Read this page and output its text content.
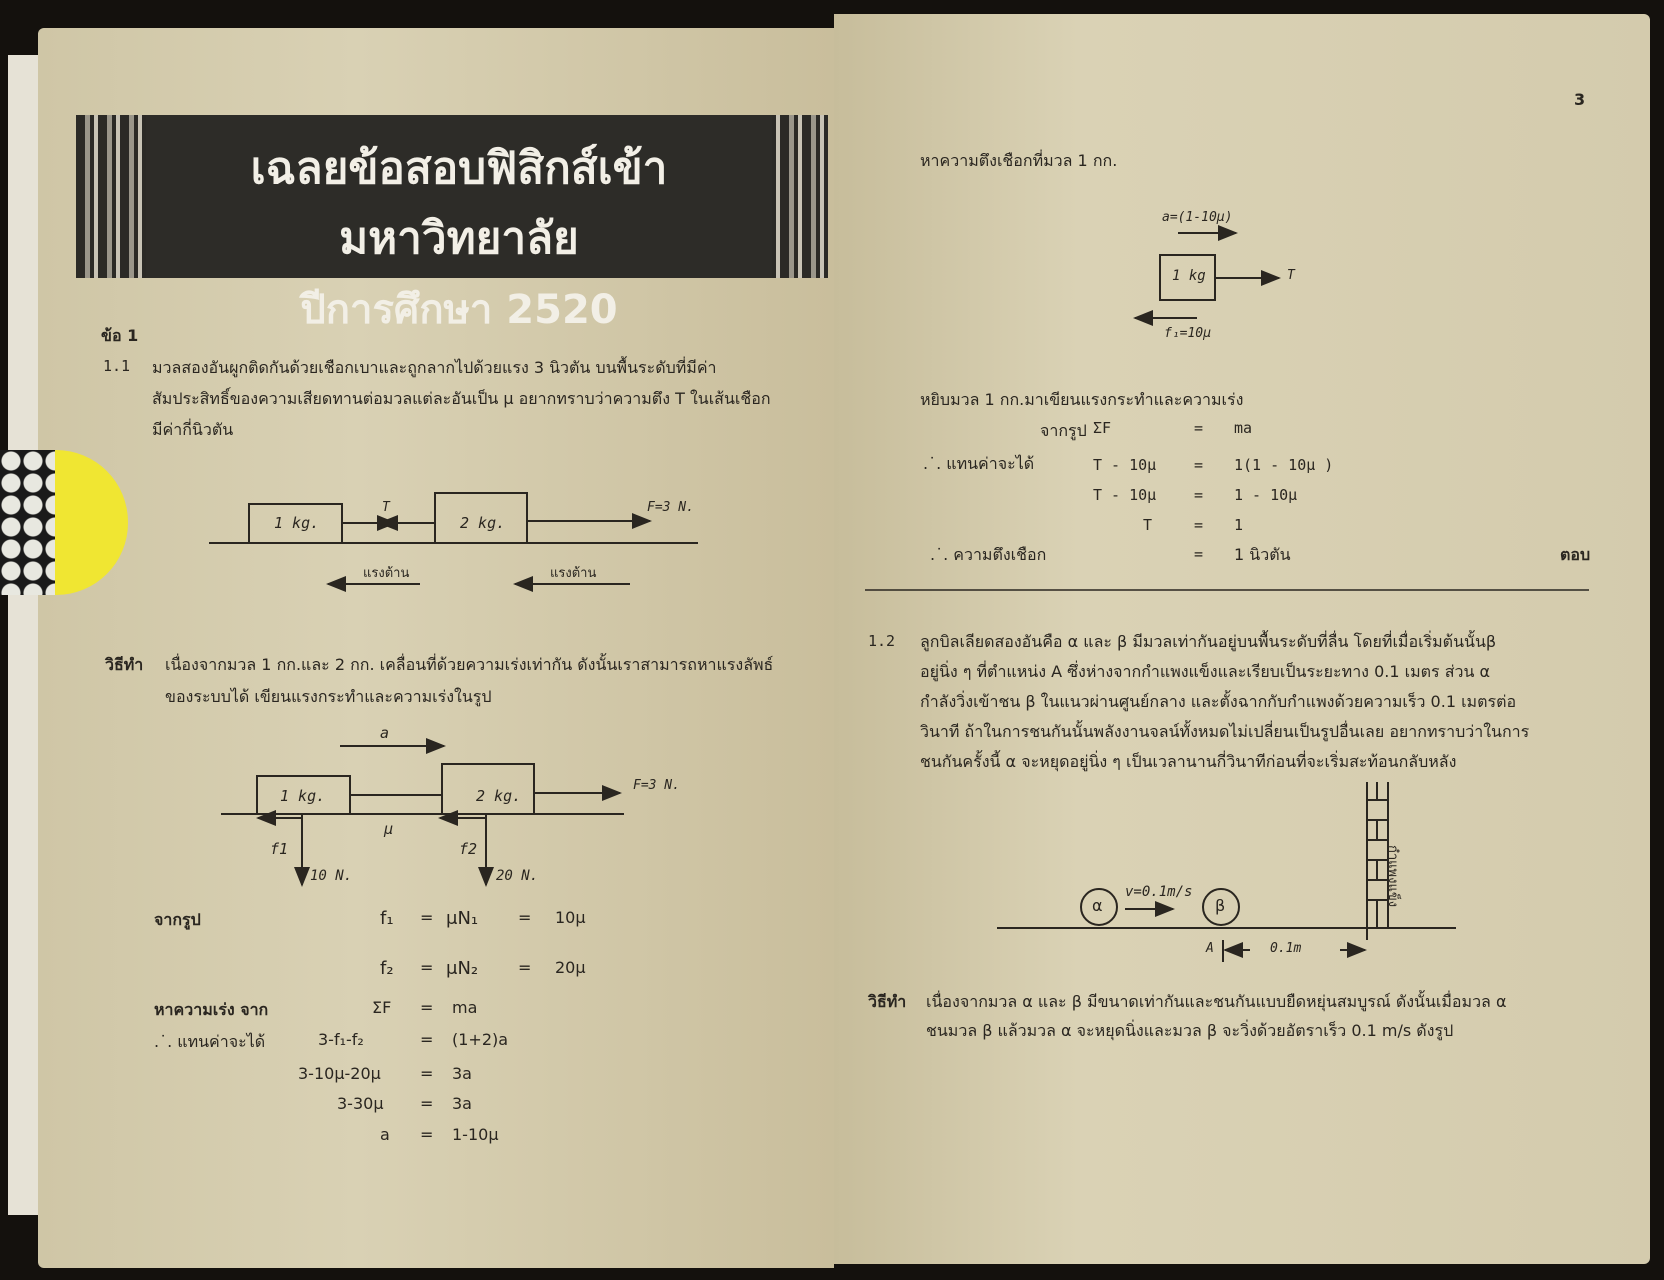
เฉลยข้อสอบฟิสิกส์เข้ามหาวิทยาลัย
ปีการศึกษา 2520
ข้อ 1
1.1 มวลสองอันผูกติดกันด้วยเชือกเบาและถูกลากไปด้วยแรง 3 นิวตัน บนพื้นระดับที่มีค่า
สัมประสิทธิ์ของความเสียดทานต่อมวลแต่ละอันเป็น μ อยากทราบว่าความตึง T ในเส้นเชือก
มีค่ากี่นิวตัน
1 kg.	2 kg.
T	F=3 N.
แรงต้าน	แรงต้าน
วิธีทำ เนื่องจากมวล 1 กก.และ 2 กก. เคลื่อนที่ด้วยความเร่งเท่ากัน ดังนั้นเราสามารถหาแรงลัพธ์
ของระบบได้ เขียนแรงกระทำและความเร่งในรูป
a
1 kg.	2 kg.
F=3 N.
μ
f1	f2
10 N.	20 N.
จากรูป	f₁ = μN₁ = 10μ
f₂ = μN₂ = 20μ
หาความเร่ง จาก	ΣF = ma
.˙. แทนค่าจะได้	3-f₁-f₂	= (1+2)a
3-10μ-20μ = 3a
3-30μ = 3a
a = 1-10μ
3
หาความตึงเชือกที่มวล 1 กก.
a=(1-10μ)
1 kg	T
f₁=10μ
หยิบมวล 1 กก.มาเขียนแรงกระทำและความเร่ง
จากรูป ΣF	= ma
.˙. แทนค่าจะได้	T - 10μ	= 1(1 - 10μ )
T - 10μ	= 1 - 10μ
T	= 1
.˙. ความตึงเชือก	= 1 นิวตัน	ตอบ
1.2 ลูกบิลเลียดสองอันคือ α และ β มีมวลเท่ากันอยู่บนพื้นระดับที่ลื่น โดยที่เมื่อเริ่มต้นนั้นβ
อยู่นิ่ง ๆ ที่ตำแหน่ง A ซึ่งห่างจากกำแพงแข็งและเรียบเป็นระยะทาง 0.1 เมตร ส่วน α
กำลังวิ่งเข้าชน β ในแนวผ่านศูนย์กลาง และตั้งฉากกับกำแพงด้วยความเร็ว 0.1 เมตรต่อ
วินาที ถ้าในการชนกันนั้นพลังงานจลน์ทั้งหมดไม่เปลี่ยนเป็นรูปอื่นเลย อยากทราบว่าในการ
ชนกันครั้งนี้ α จะหยุดอยู่นิ่ง ๆ เป็นเวลานานกี่วินาทีก่อนที่จะเริ่มสะท้อนกลับหลัง
α	β
v=0.1m/s
A	0.1m
กำแพงแข็ง
วิธีทำ เนื่องจากมวล α และ β มีขนาดเท่ากันและชนกันแบบยืดหยุ่นสมบูรณ์ ดังนั้นเมื่อมวล α
ชนมวล β แล้วมวล α จะหยุดนิ่งและมวล β จะวิ่งด้วยอัตราเร็ว 0.1 m/s ดังรูป
